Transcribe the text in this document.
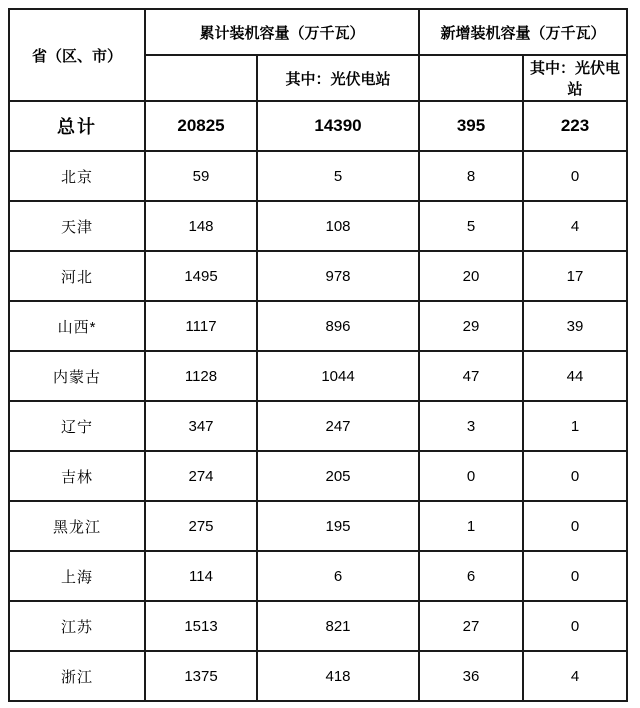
省（区、市）	累计装机容量（万千瓦）		新增装机容量（万千瓦）	
		其中：光伏电站		其中：光伏电站
总计	20825	14390	395	223
北京	59	5	8	0
天津	148	108	5	4
河北	1495	978	20	17
山西*	1117	896	29	39
内蒙古	1128	1044	47	44
辽宁	347	247	3	1
吉林	274	205	0	0
黑龙江	275	195	1	0
上海	114	6	6	0
江苏	1513	821	27	0
浙江	1375	418	36	4
